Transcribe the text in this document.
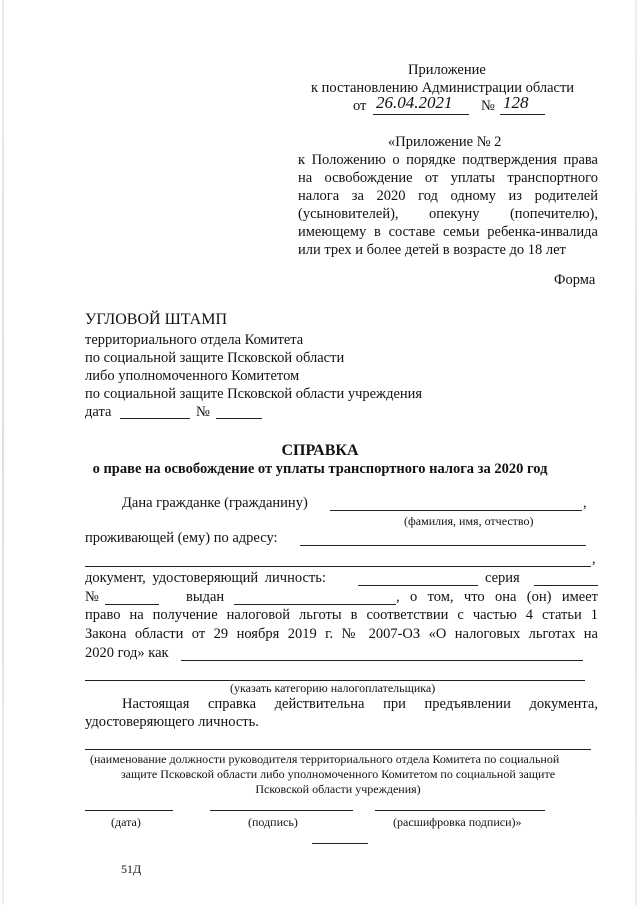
Приложение
к постановлению Администрации области
от 26.04.2021 № 128
«Приложение № 2
к Положению о порядке подтверждения права
на освобождение от уплаты транспортного
налога за 2020 год одному из родителей
(усыновителей), опекуну (попечителю),
имеющему в составе семьи ребенка-инвалида
или трех и более детей в возрасте до 18 лет
Форма
УГЛОВОЙ ШТАМП
территориального отдела Комитета
по социальной защите Псковской области
либо уполномоченного Комитетом
по социальной защите Псковской области учреждения
дата	№
СПРАВКА
о праве на освобождение от уплаты транспортного налога за 2020 год
Дана гражданке (гражданину)	,
(фамилия, имя, отчество)
проживающей (ему) по адресу:
,
документ, удостоверяющий личность:	серия
№	выдан	, о том, что она (он) имеет
право на получение налоговой льготы в соответствии с частью 4 статьи 1
Закона области от 29 ноября 2019 г. № 2007-ОЗ «О налоговых льготах на
2020 год» как
(указать категорию налогоплательщика)
Настоящая справка действительна при предъявлении документа,
удостоверяющего личность.
(наименование должности руководителя территориального отдела Комитета по социальной
защите Псковской области либо уполномоченного Комитетом по социальной защите
Псковской области учреждения)
(дата)	(подпись)	(расшифровка подписи)»
51Д
